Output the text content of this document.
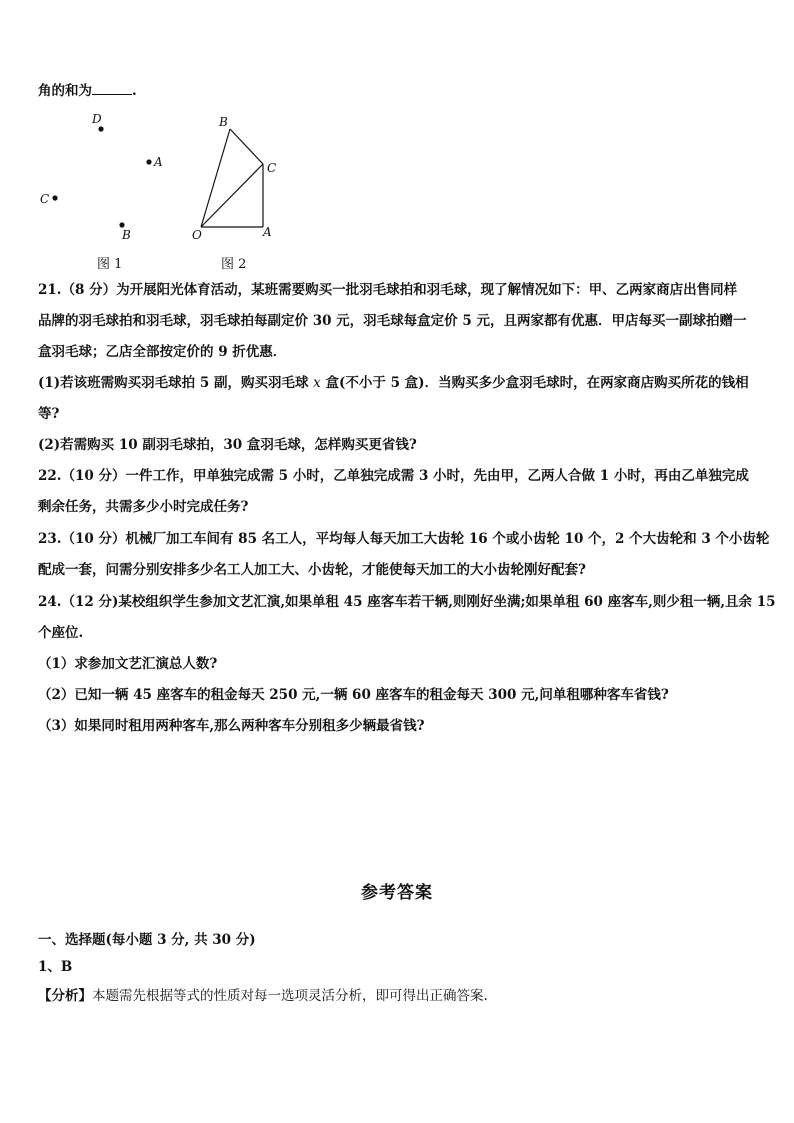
角的和为	.
D
A
C
B
图 1
B
C
O	A
图 2
21.（8 分）为开展阳光体育活动，某班需要购买一批羽毛球拍和羽毛球，现了解情况如下：甲、乙两家商店出售同样
品牌的羽毛球拍和羽毛球，羽毛球拍每副定价 30 元，羽毛球每盒定价 5 元，且两家都有优惠．甲店每买一副球拍赠一
盒羽毛球；乙店全部按定价的 9 折优惠．
(1)若该班需购买羽毛球拍 5 副，购买羽毛球 x 盒(不小于 5 盒)．当购买多少盒羽毛球时，在两家商店购买所花的钱相
等?
(2)若需购买 10 副羽毛球拍，30 盒羽毛球，怎样购买更省钱?
22.（10 分）一件工作，甲单独完成需 5 小时，乙单独完成需 3 小时，先由甲，乙两人合做 1 小时，再由乙单独完成
剩余任务，共需多少小时完成任务?
23.（10 分）机械厂加工车间有 85 名工人，平均每人每天加工大齿轮 16 个或小齿轮 10 个，2 个大齿轮和 3 个小齿轮
配成一套，问需分别安排多少名工人加工大、小齿轮，才能使每天加工的大小齿轮刚好配套?
24.（12 分)某校组织学生参加文艺汇演,如果单租 45 座客车若干辆,则刚好坐满;如果单租 60 座客车,则少租一辆,且余 15
个座位.
（1）求参加文艺汇演总人数?
（2）已知一辆 45 座客车的租金每天 250 元,一辆 60 座客车的租金每天 300 元,问单租哪种客车省钱?
（3）如果同时租用两种客车,那么两种客车分别租多少辆最省钱?
参考答案
一、选择题(每小题 3 分, 共 30 分)
1、B
【分析】本题需先根据等式的性质对每一选项灵活分析，即可得出正确答案.
